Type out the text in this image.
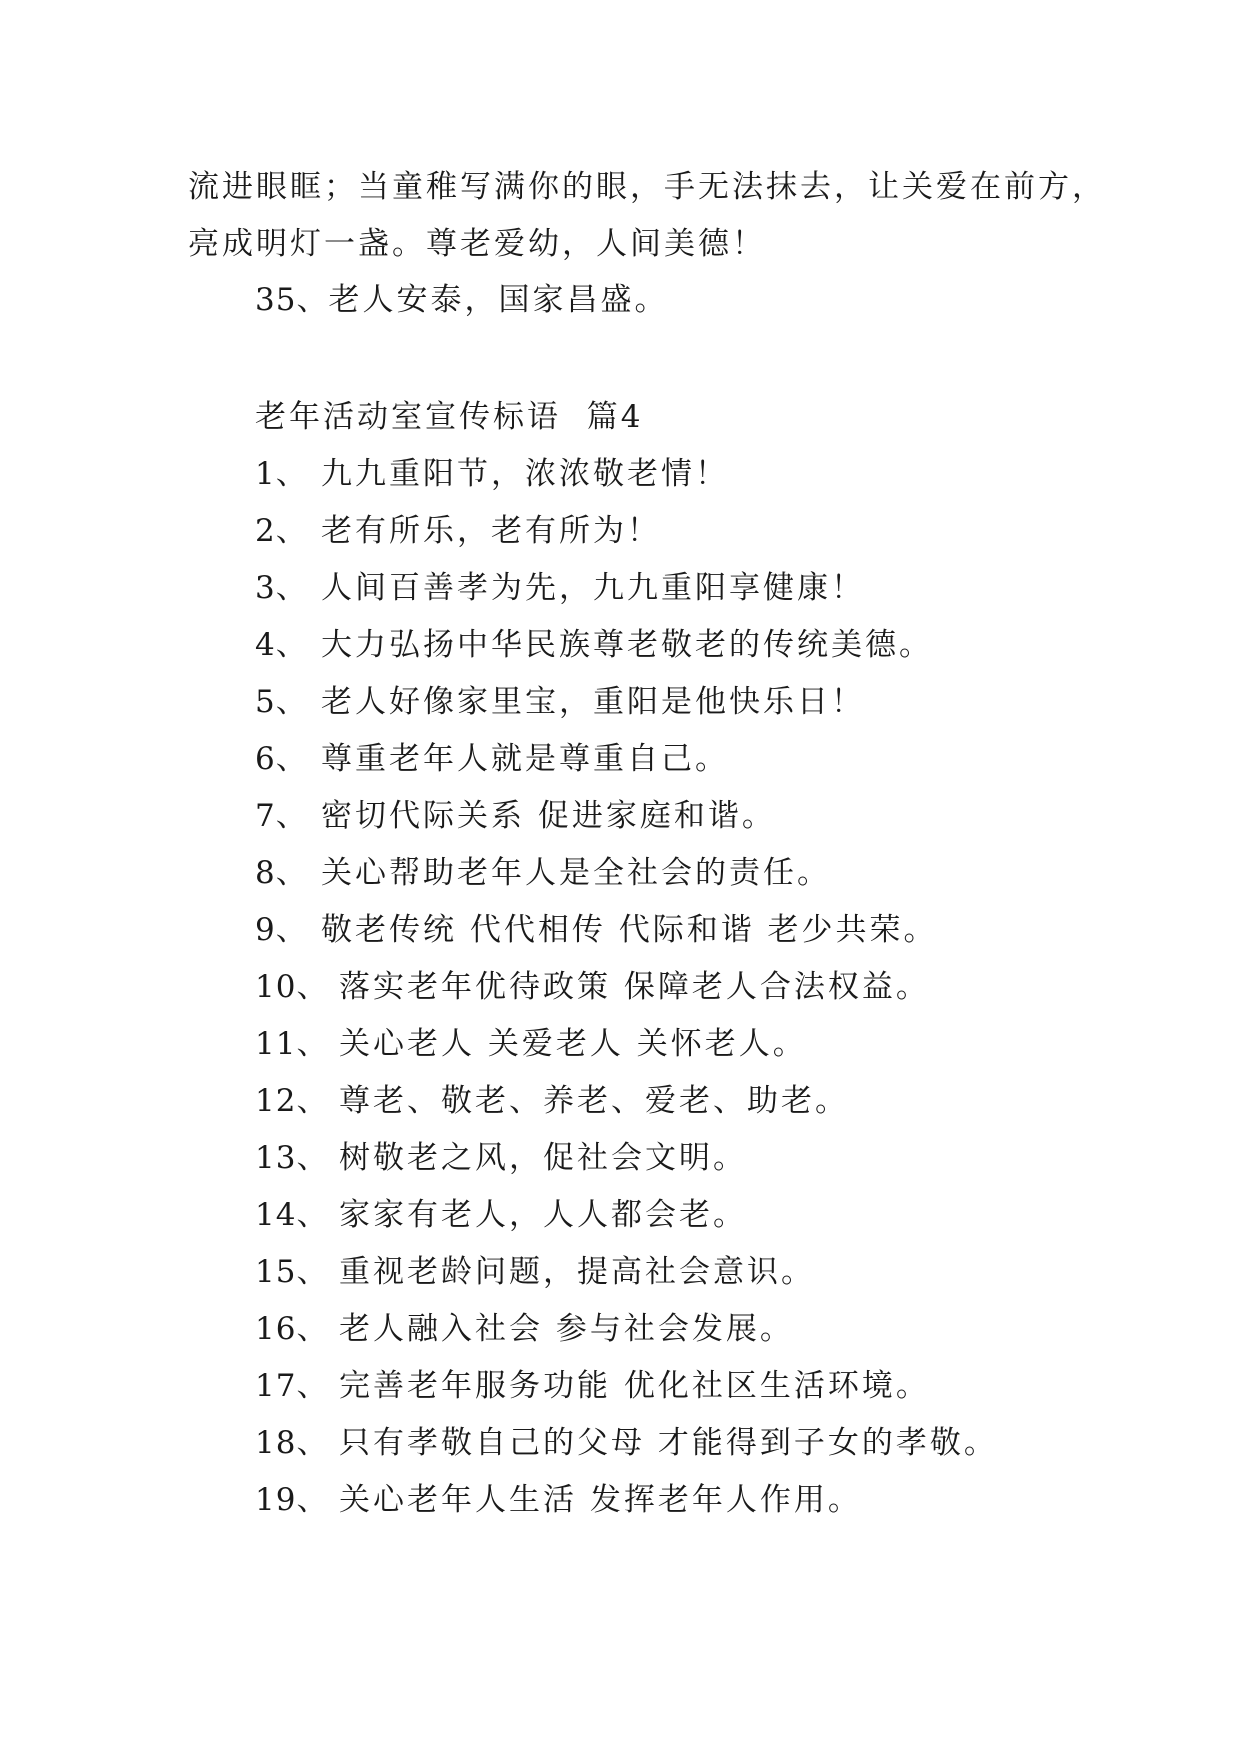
流进眼眶；当童稚写满你的眼，手无法抹去，让关爱在前方，
亮成明灯一盏。尊老爱幼，人间美德！
35、老人安泰，国家昌盛。
老年活动室宣传标语  篇4
1、 九九重阳节，浓浓敬老情！
2、 老有所乐，老有所为！
3、 人间百善孝为先，九九重阳享健康！
4、 大力弘扬中华民族尊老敬老的传统美德。
5、 老人好像家里宝，重阳是他快乐日！
6、 尊重老年人就是尊重自己。
7、 密切代际关系 促进家庭和谐。
8、 关心帮助老年人是全社会的责任。
9、 敬老传统 代代相传 代际和谐 老少共荣。
10、 落实老年优待政策 保障老人合法权益。
11、 关心老人 关爱老人 关怀老人。
12、 尊老、敬老、养老、爱老、助老。
13、 树敬老之风，促社会文明。
14、 家家有老人，人人都会老。
15、 重视老龄问题，提高社会意识。
16、 老人融入社会 参与社会发展。
17、 完善老年服务功能 优化社区生活环境。
18、 只有孝敬自己的父母 才能得到子女的孝敬。
19、 关心老年人生活 发挥老年人作用。
